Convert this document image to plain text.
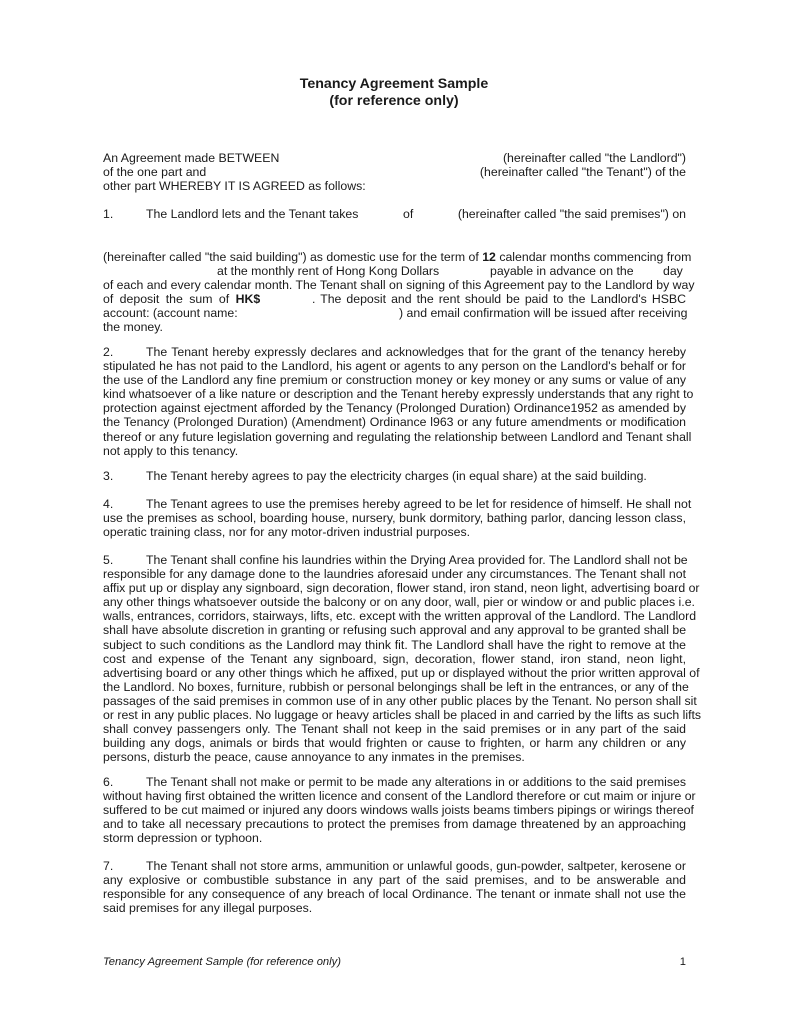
Tenancy Agreement Sample
(for reference only)
An Agreement made BETWEEN	(hereinafter called "the Landlord")
of the one part and	(hereinafter called "the Tenant") of the
other part WHEREBY IT IS AGREED as follows:
1.	The Landlord lets and the Tenant takes	of	(hereinafter called "the said premises") on
(hereinafter called "the said building") as domestic use for the term of 12 calendar months commencing from
at the monthly rent of Hong Kong Dollars	payable in advance on the day
of each and every calendar month. The Tenant shall on signing of this Agreement pay to the Landlord by way
of deposit the sum of HK$	. The deposit and the rent should be paid to the Landlord's HSBC
account: (account name:	) and email confirmation will be issued after receiving
the money.
2.	The Tenant hereby expressly declares and acknowledges that for the grant of the tenancy hereby
stipulated he has not paid to the Landlord, his agent or agents to any person on the Landlord's behalf or for
the use of the Landlord any fine premium or construction money or key money or any sums or value of any
kind whatsoever of a like nature or description and the Tenant hereby expressly understands that any right to
protection against ejectment afforded by the Tenancy (Prolonged Duration) Ordinance1952 as amended by
the Tenancy (Prolonged Duration) (Amendment) Ordinance l963 or any future amendments or modification
thereof or any future legislation governing and regulating the relationship between Landlord and Tenant shall
not apply to this tenancy.
3.	The Tenant hereby agrees to pay the electricity charges (in equal share) at the said building.
4.	The Tenant agrees to use the premises hereby agreed to be let for residence of himself. He shall not
use the premises as school, boarding house, nursery, bunk dormitory, bathing parlor, dancing lesson class,
operatic training class, nor for any motor-driven industrial purposes.
5.	The Tenant shall confine his laundries within the Drying Area provided for. The Landlord shall not be
responsible for any damage done to the laundries aforesaid under any circumstances. The Tenant shall not
affix put up or display any signboard, sign decoration, flower stand, iron stand, neon light, advertising board or
any other things whatsoever outside the balcony or on any door, wall, pier or window or and public places i.e.
walls, entrances, corridors, stairways, lifts, etc. except with the written approval of the Landlord. The Landlord
shall have absolute discretion in granting or refusing such approval and any approval to be granted shall be
subject to such conditions as the Landlord may think fit. The Landlord shall have the right to remove at the
cost and expense of the Tenant any signboard, sign, decoration, flower stand, iron stand, neon light,
advertising board or any other things which he affixed, put up or displayed without the prior written approval of
the Landlord. No boxes, furniture, rubbish or personal belongings shall be left in the entrances, or any of the
passages of the said premises in common use of in any other public places by the Tenant. No person shall sit
or rest in any public places. No luggage or heavy articles shall be placed in and carried by the lifts as such lifts
shall convey passengers only. The Tenant shall not keep in the said premises or in any part of the said
building any dogs, animals or birds that would frighten or cause to frighten, or harm any children or any
persons, disturb the peace, cause annoyance to any inmates in the premises.
6.	The Tenant shall not make or permit to be made any alterations in or additions to the said premises
without having first obtained the written licence and consent of the Landlord therefore or cut maim or injure or
suffered to be cut maimed or injured any doors windows walls joists beams timbers pipings or wirings thereof
and to take all necessary precautions to protect the premises from damage threatened by an approaching
storm depression or typhoon.
7.	The Tenant shall not store arms, ammunition or unlawful goods, gun-powder, saltpeter, kerosene or
any explosive or combustible substance in any part of the said premises, and to be answerable and
responsible for any consequence of any breach of local Ordinance. The tenant or inmate shall not use the
said premises for any illegal purposes.
Tenancy Agreement Sample (for reference only)	1
